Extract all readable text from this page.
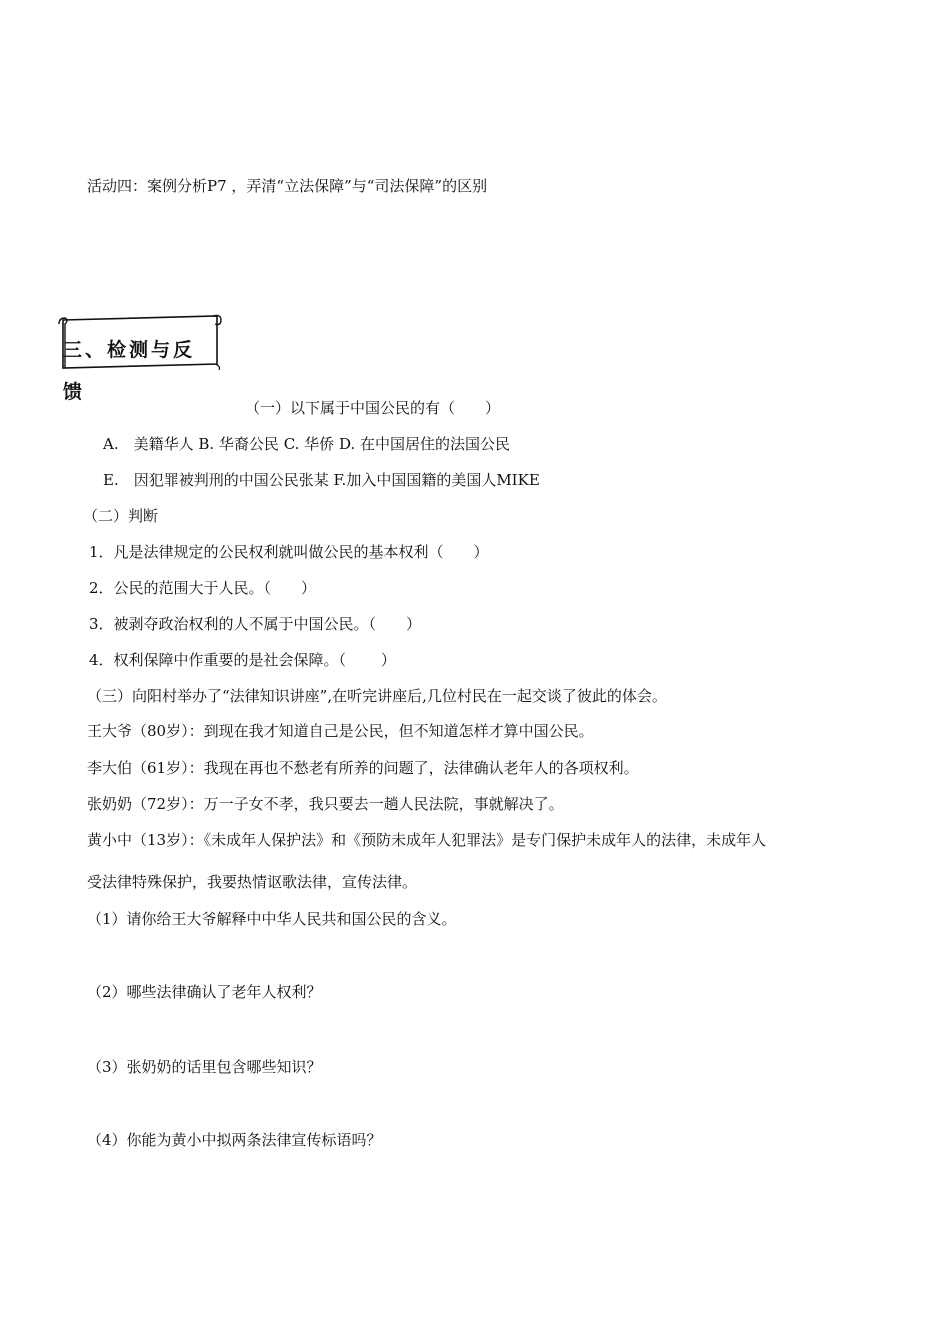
活动四：案例分析P7 ，弄清“立法保障”与“司法保障”的区别
三、检测与反
馈
（一）以下属于中国公民的有（　　）
A.　美籍华人 B. 华裔公民 C. 华侨 D. 在中国居住的法国公民
E.　因犯罪被判刑的中国公民张某 F.加入中国国籍的美国人MIKE
（二）判断
1．凡是法律规定的公民权利就叫做公民的基本权利（　　）
2．公民的范围大于人民。（　　）
3．被剥夺政治权利的人不属于中国公民。（　　）
4．权利保障中作重要的是社会保障。（　　 ）
（三）向阳村举办了“法律知识讲座”,在听完讲座后,几位村民在一起交谈了彼此的体会。
王大爷（80岁）：到现在我才知道自己是公民，但不知道怎样才算中国公民。
李大伯（61岁）：我现在再也不愁老有所养的问题了，法律确认老年人的各项权利。
张奶奶（72岁）：万一子女不孝，我只要去一趟人民法院，事就解决了。
黄小中（13岁）：《未成年人保护法》和《预防未成年人犯罪法》是专门保护未成年人的法律，未成年人
受法律特殊保护，我要热情讴歌法律，宣传法律。
（1）请你给王大爷解释中中华人民共和国公民的含义。
（2）哪些法律确认了老年人权利？
（3）张奶奶的话里包含哪些知识？
（4）你能为黄小中拟两条法律宣传标语吗？
